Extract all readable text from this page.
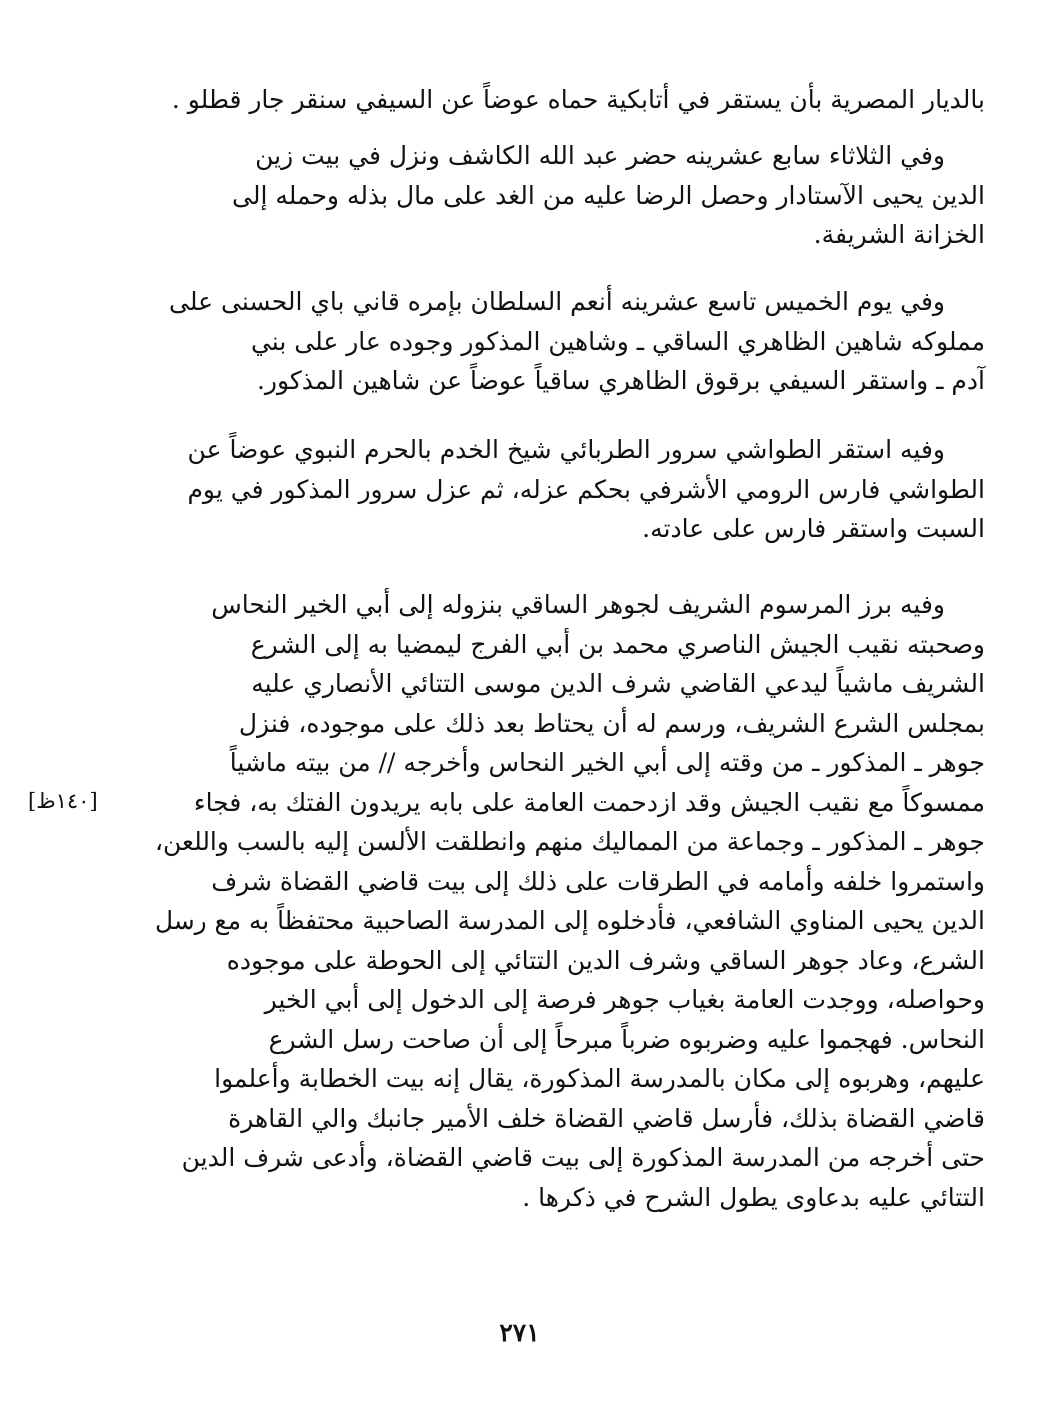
بالديار المصرية بأن يستقر في أتابكية حماه عوضاً عن السيفي سنقر جار قطلو .
وفي الثلاثاء سابع عشرينه حضر عبد الله الكاشف ونزل في بيت زين
الدين يحيى الآستادار وحصل الرضا عليه من الغد على مال بذله وحمله إلى
الخزانة الشريفة.
وفي يوم الخميس تاسع عشرينه أنعم السلطان بإمره قاني باي الحسنى على
مملوكه شاهين الظاهري الساقي ـ وشاهين المذكور وجوده عار على بني
آدم ـ واستقر السيفي برقوق الظاهري ساقياً عوضاً عن شاهين المذكور.
وفيه استقر الطواشي سرور الطربائي شيخ الخدم بالحرم النبوي عوضاً عن
الطواشي فارس الرومي الأشرفي بحكم عزله، ثم عزل سرور المذكور في يوم
السبت واستقر فارس على عادته.
وفيه برز المرسوم الشريف لجوهر الساقي بنزوله إلى أبي الخير النحاس
وصحبته نقيب الجيش الناصري محمد بن أبي الفرج ليمضيا به إلى الشرع
الشريف ماشياً ليدعي القاضي شرف الدين موسى التتائي الأنصاري عليه
بمجلس الشرع الشريف، ورسم له أن يحتاط بعد ذلك على موجوده، فنزل
جوهر ـ المذكور ـ من وقته إلى أبي الخير النحاس وأخرجه // من بيته ماشياً
ممسوكاً مع نقيب الجيش وقد ازدحمت العامة على بابه يريدون الفتك به، فجاء
جوهر ـ المذكور ـ وجماعة من المماليك منهم وانطلقت الألسن إليه بالسب واللعن،
واستمروا خلفه وأمامه في الطرقات على ذلك إلى بيت قاضي القضاة شرف
الدين يحيى المناوي الشافعي، فأدخلوه إلى المدرسة الصاحبية محتفظاً به مع رسل
الشرع، وعاد جوهر الساقي وشرف الدين التتائي إلى الحوطة على موجوده
وحواصله، ووجدت العامة بغياب جوهر فرصة إلى الدخول إلى أبي الخير
النحاس. فهجموا عليه وضربوه ضرباً مبرحاً إلى أن صاحت رسل الشرع
عليهم، وهربوه إلى مكان بالمدرسة المذكورة، يقال إنه بيت الخطابة وأعلموا
قاضي القضاة بذلك، فأرسل قاضي القضاة خلف الأمير جانبك والي القاهرة
حتى أخرجه من المدرسة المذكورة إلى بيت قاضي القضاة، وأدعى شرف الدين
التتائي عليه بدعاوى يطول الشرح في ذكرها .
[١٤٠ظ]
٢٧١
